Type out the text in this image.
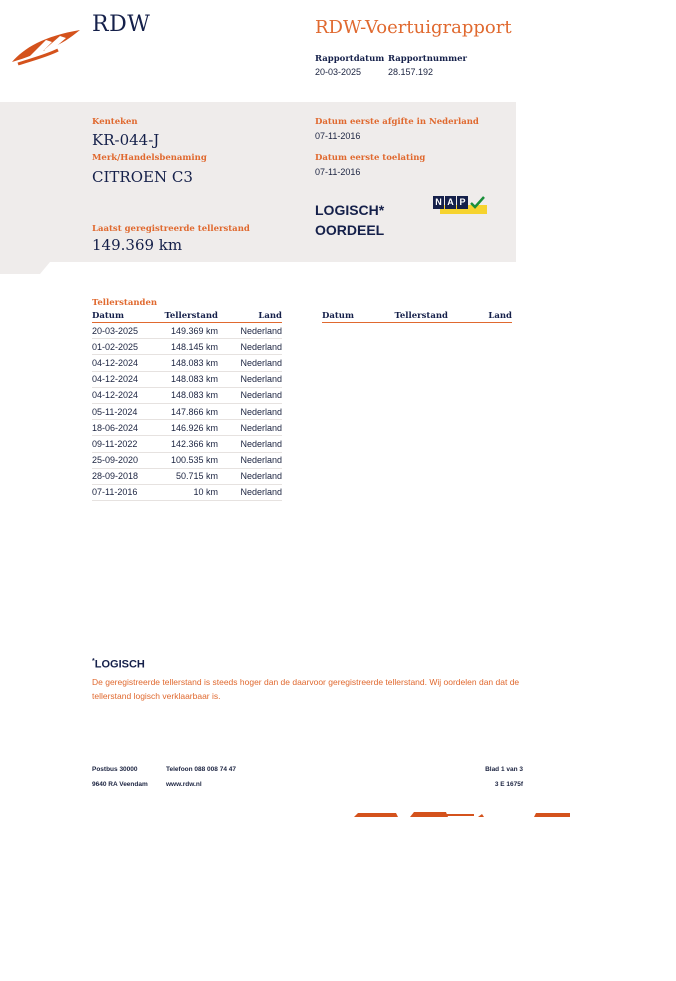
RDW	RDW-Voertuigrapport
Rapportdatum
20-03-2025
Rapportnummer
28.157.192
Kenteken
KR-044-J
Merk/Handelsbenaming
CITROEN C3
Laatst geregistreerde tellerstand
149.369 km
Datum eerste afgifte in Nederland
07-11-2016
Datum eerste toelating
07-11-2016
LOGISCH*
OORDEEL
N A P
Tellerstanden
Datum	Tellerstand	Land
20-03-2025	149.369 km	Nederland
01-02-2025	148.145 km	Nederland
04-12-2024	148.083 km	Nederland
04-12-2024	148.083 km	Nederland
04-12-2024	148.083 km	Nederland
05-11-2024	147.866 km	Nederland
18-06-2024	146.926 km	Nederland
09-11-2022	142.366 km	Nederland
25-09-2020	100.535 km	Nederland
28-09-2018	50.715 km	Nederland
07-11-2016	10 km	Nederland
Datum	Tellerstand	Land
*LOGISCH
De geregistreerde tellerstand is steeds hoger dan de daarvoor geregistreerde tellerstand. Wij oordelen dan dat de tellerstand logisch verklaarbaar is.
Postbus 30000
9640 RA Veendam
Telefoon 088 008 74 47
www.rdw.nl
Blad 1 van 3
3 E 1675f
